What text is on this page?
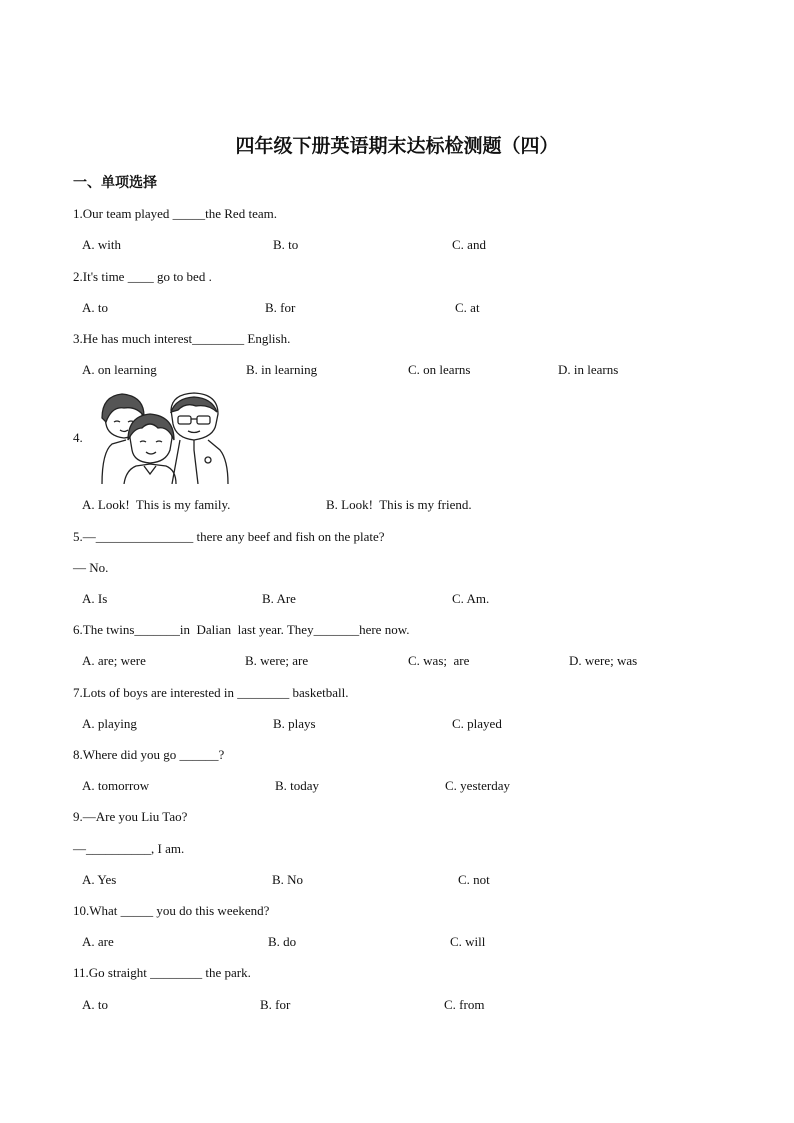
四年级下册英语期末达标检测题（四）
一、单项选择
1.Our team played _____the Red team.
A. with	B. to	C. and
2.It's time ____ go to bed .
A. to	B. for	C. at
3.He has much interest________ English.
A. on learning	B. in learning	C. on learns	D. in learns
4.
A. Look!  This is my family.	B. Look!  This is my friend.
5.—_______________ there any beef and fish on the plate?
— No.
A. Is	B. Are	C. Am.
6.The twins_______in  Dalian  last year. They_______here now.
A. are; were	B. were; are	C. was;  are	D. were; was
7.Lots of boys are interested in ________ basketball.
A. playing	B. plays	C. played
8.Where did you go ______?
A. tomorrow	B. today	C. yesterday
9.—Are you Liu Tao?
—__________, I am.
A. Yes	B. No	C. not
10.What _____ you do this weekend?
A. are	B. do	C. will
11.Go straight ________ the park.
A. to	B. for	C. from
